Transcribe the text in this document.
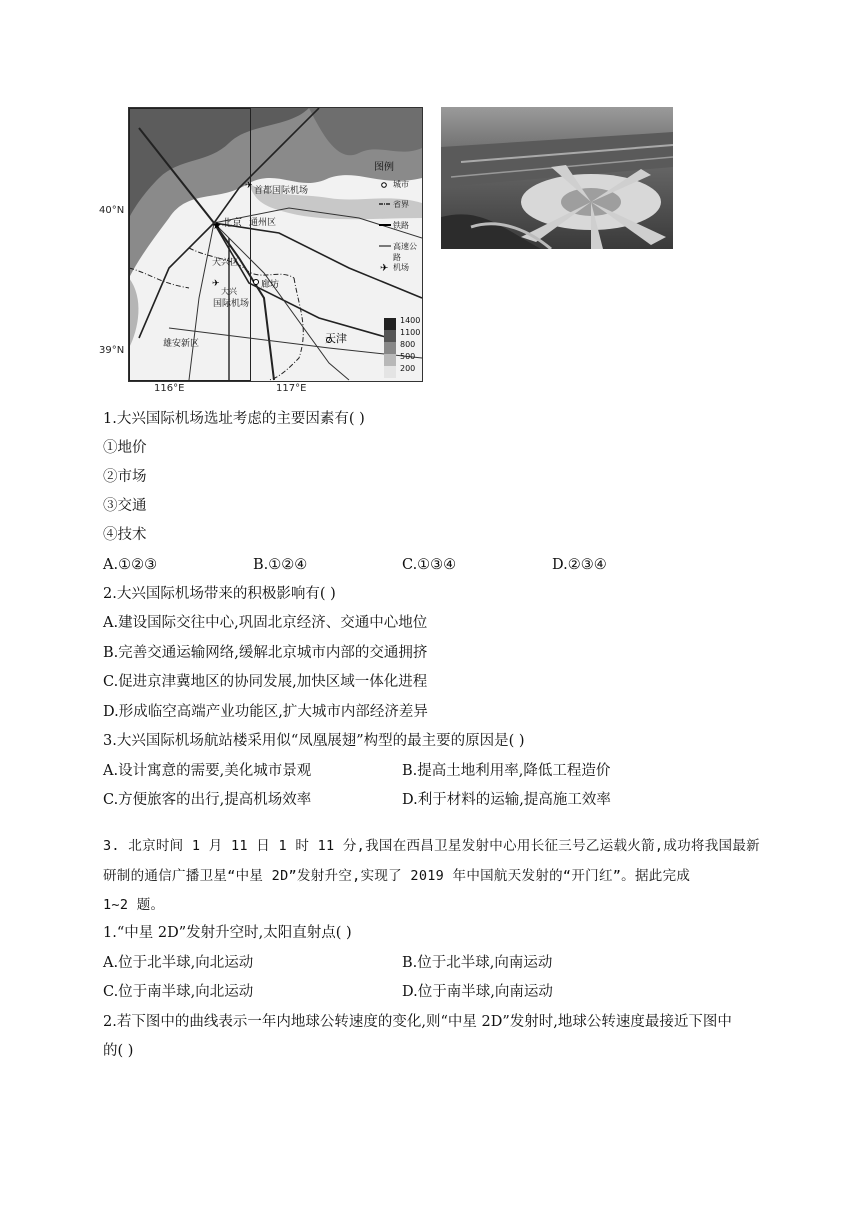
★
✈
✈
✈
图例
城市
省界
铁路
高速公路
机场
1400
1100
800
500
200
首都国际机场
北京 通州区
大兴区
大兴
国际机场
廊坊
天津
雄安新区
40°N
39°N
116°E	117°E
1.大兴国际机场选址考虑的主要因素有( )
①地价
②市场
③交通
④技术
A.①②③	B.①②④	C.①③④	D.②③④
2.大兴国际机场带来的积极影响有( )
A.建设国际交往中心,巩固北京经济、交通中心地位
B.完善交通运输网络,缓解北京城市内部的交通拥挤
C.促进京津冀地区的协同发展,加快区域一体化进程
D.形成临空高端产业功能区,扩大城市内部经济差异
3.大兴国际机场航站楼采用似“凤凰展翅”构型的最主要的原因是( )
A.设计寓意的需要,美化城市景观	B.提高土地利用率,降低工程造价
C.方便旅客的出行,提高机场效率	D.利于材料的运输,提高施工效率
3. 北京时间 1 月 11 日 1 时 11 分,我国在西昌卫星发射中心用长征三号乙运载火箭,成功将我国最新
研制的通信广播卫星“中星 2D”发射升空,实现了 2019 年中国航天发射的“开门红”。据此完成
1~2 题。
1.“中星 2D”发射升空时,太阳直射点( )
A.位于北半球,向北运动	B.位于北半球,向南运动
C.位于南半球,向北运动	D.位于南半球,向南运动
2.若下图中的曲线表示一年内地球公转速度的变化,则“中星 2D”发射时,地球公转速度最接近下图中
的( )
